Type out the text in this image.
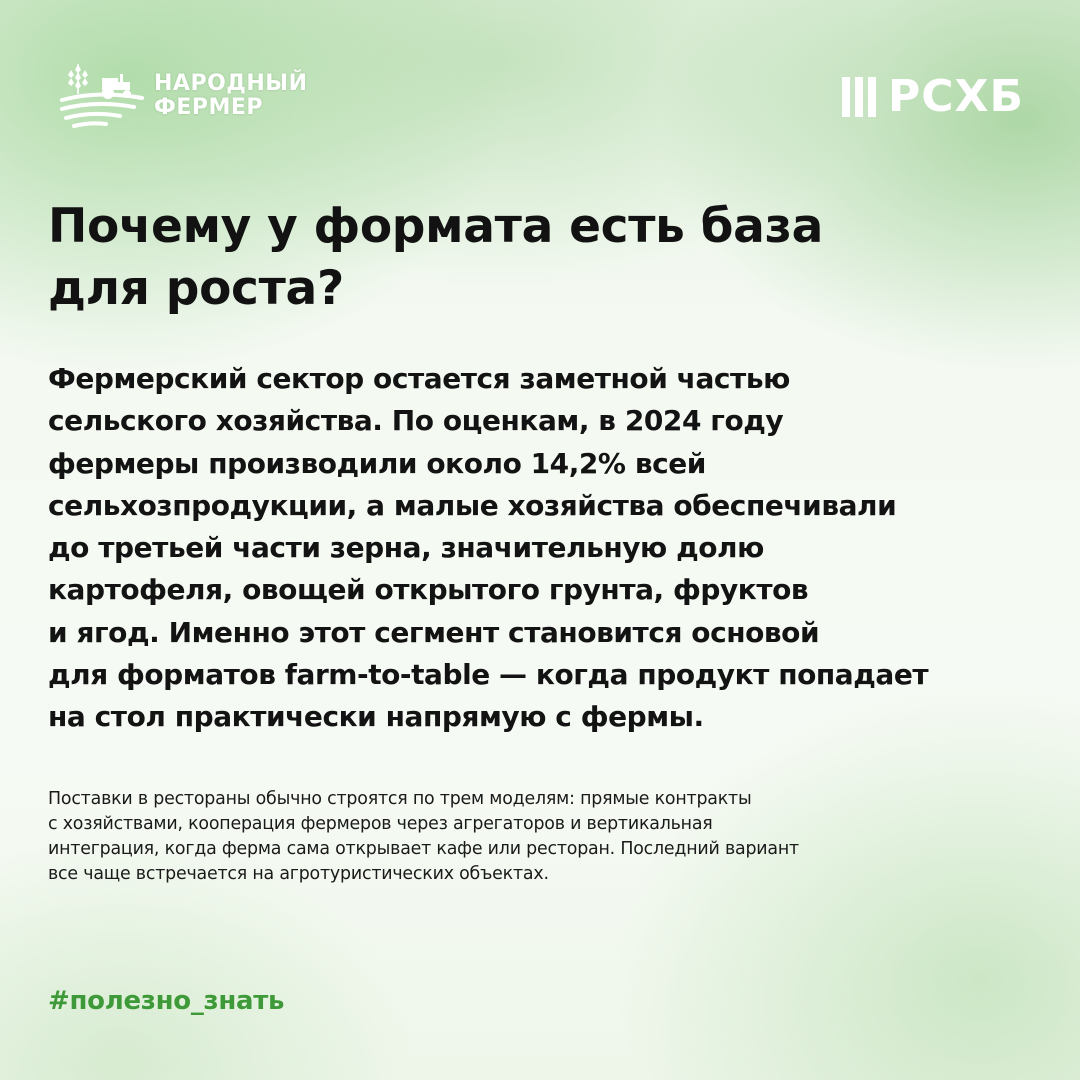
НАРОДНЫЙ
ФЕРМЕР	РСХБ
Почему у формата есть база
для роста?
Фермерский сектор остается заметной частью
сельского хозяйства. По оценкам, в 2024 году
фермеры производили около 14,2% всей
сельхозпродукции, а малые хозяйства обеспечивали
до третьей части зерна, значительную долю
картофеля, овощей открытого грунта, фруктов
и ягод. Именно этот сегмент становится основой
для форматов farm-to-table — когда продукт попадает
на стол практически напрямую с фермы.
Поставки в рестораны обычно строятся по трем моделям: прямые контракты
с хозяйствами, кооперация фермеров через агрегаторов и вертикальная
интеграция, когда ферма сама открывает кафе или ресторан. Последний вариант
все чаще встречается на агротуристических объектах.
#полезно_знать
